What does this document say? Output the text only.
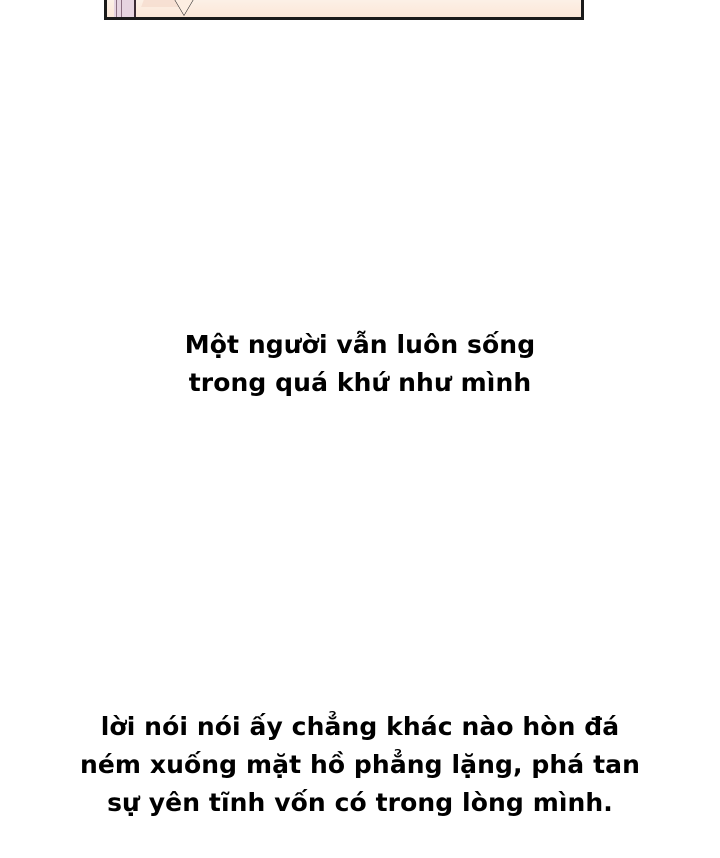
Một người vẫn luôn sống
trong quá khứ như mình
lời nói nói ấy chẳng khác nào hòn đá
ném xuống mặt hồ phẳng lặng, phá tan
sự yên tĩnh vốn có trong lòng mình.
